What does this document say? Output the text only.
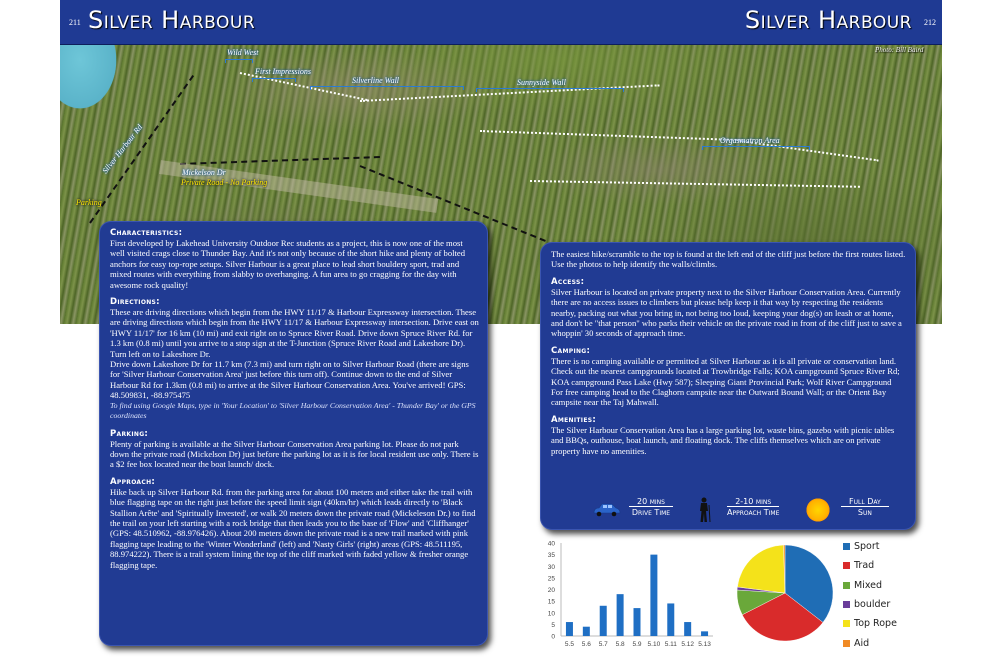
211 Silver Harbour	Silver Harbour 212
Photo: Bill Baird
Wild West
First Impressions
Silverline Wall	Sunnyside Wall
Orgasmatron Area
Silver Harbour Rd	Mickelson Dr
Private Road - No Parking
Parking
Characteristics:
First developed by Lakehead University Outdoor Rec students as a project, this is now one of the most well visited crags close to Thunder Bay. And it's not only because of the short hike and plenty of bolted anchors for easy top-rope setups. Silver Harbour is a great place to lead short bouldery sport, trad and mixed routes with everything from slabby to overhanging. A fun area to go cragging for the day with awesome rock quality!
Directions:
These are driving directions which begin from the HWY 11/17 & Harbour Expressway intersection. These are driving directions which begin from the HWY 11/17 & Harbour Expressway intersection. Drive east on 'HWY 11/17' for 16 km (10 mi) and exit right on to Spruce River Road. Drive down Spruce River Rd. for 1.3 km (0.8 mi) until you arrive to a stop sign at the T-Junction (Spruce River Road and Lakeshore Dr). Turn left on to Lakeshore Dr.
Drive down Lakeshore Dr for 11.7 km (7.3 mi) and turn right on to Silver Harbour Road (there are signs for 'Silver Harbour Conservation Area' just before this turn off). Continue down to the end of Silver Harbour Rd for 1.3km (0.8 mi) to arrive at the Silver Harbour Conservation Area. You've arrived! GPS: 48.509831, -88.975475
To find using Google Maps, type in 'Your Location' to 'Silver Harbour Conservation Area' - Thunder Bay' or the GPS coordinates
Parking:
Plenty of parking is available at the Silver Harbour Conservation Area parking lot. Please do not park down the private road (Mickelson Dr) just before the parking lot as it is for local resident use only. There is a $2 fee box located near the boat launch/ dock.
Approach:
Hike back up Silver Harbour Rd. from the parking area for about 100 meters and either take the trail with blue flagging tape on the right just before the speed limit sign (40km/hr) which leads directly to 'Black Stallion Arête' and 'Spiritually Invested', or walk 20 meters down the private road (Mickeleson Dr.) to find the trail on your left starting with a rock bridge that then leads you to the base of 'Flow' and 'Cliffhanger' (GPS: 48.510962, -88.976426). About 200 meters down the private road is a new trail marked with pink flagging tape leading to the 'Winter Wonderland' (left) and 'Nasty Girls' (right) areas (GPS: 48.511195, 88.974222). There is a trail system lining the top of the cliff marked with faded yellow & fresher orange flagging tape.
The easiest hike/scramble to the top is found at the left end of the cliff just before the first routes listed. Use the photos to help identify the walls/climbs.
Access:
Silver Harbour is located on private property next to the Silver Harbour Conservation Area. Currently there are no access issues to climbers but please help keep it that way by respecting the residents nearby, packing out what you bring in, not being too loud, keeping your dog(s) on leash or at home, and don't be "that person" who parks their vehicle on the private road in front of the cliff just to save a whoppin' 30 seconds of approach time.
Camping:
There is no camping available or permitted at Silver Harbour as it is all private or conservation land. Check out the nearest campgrounds located at Trowbridge Falls; KOA campground Spruce River Rd; KOA campground Pass Lake (Hwy 587); Sleeping Giant Provincial Park; Wolf River Campground
For free camping head to the Claghorn campsite near the Outward Bound Wall; or the Orient Bay campsite near the Taj Mahwall.
Amenities:
The Silver Harbour Conservation Area has a large parking lot, waste bins, gazebo with picnic tables and BBQs, outhouse, boat launch, and floating dock. The cliffs themselves which are on private property have no amenities.
20 mins
Drive Time
2-10 mins
Approach Time
Full Day
Sun
0
5
10
15
20
25
30
35
40
5.5 5.6 5.7 5.8 5.9 5.10 5.11 5.12 5.13
Sport
Trad
Mixed
boulder
Top Rope
Aid
